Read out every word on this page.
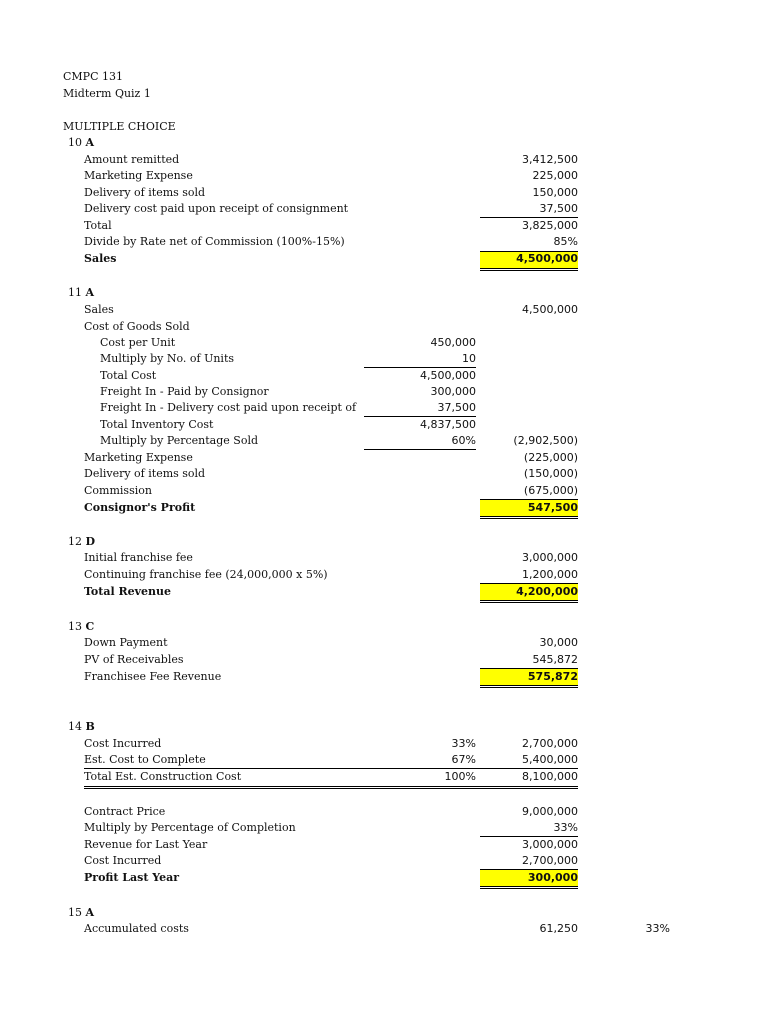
CMPC 131
Midterm Quiz 1
MULTIPLE CHOICE
10 A
Amount remitted	3,412,500
Marketing Expense	225,000
Delivery of items sold	150,000
Delivery cost paid upon receipt of consignment	37,500
Total	3,825,000
Divide by Rate net of Commission (100%-15%)	85%
Sales	4,500,000
11 A
Sales	4,500,000
Cost of Goods Sold
Cost per Unit	450,000
Multiply by No. of Units	10
Total Cost	4,500,000
Freight In - Paid by Consignor	300,000
Freight In - Delivery cost paid upon receipt of	37,500
Total Inventory Cost	4,837,500
Multiply by Percentage Sold	60%	(2,902,500)
Marketing Expense	(225,000)
Delivery of items sold	(150,000)
Commission	(675,000)
Consignor's Profit	547,500
12 D
Initial franchise fee	3,000,000
Continuing franchise fee (24,000,000 x 5%)	1,200,000
Total Revenue	4,200,000
13 C
Down Payment	30,000
PV of Receivables	545,872
Franchisee Fee Revenue	575,872
14 B
Cost Incurred	33%	2,700,000
Est. Cost to Complete	67%	5,400,000
Total Est. Construction Cost	100%	8,100,000
Contract Price	9,000,000
Multiply by Percentage of Completion	33%
Revenue for Last Year	3,000,000
Cost Incurred	2,700,000
Profit Last Year	300,000
15 A
Accumulated costs	61,250	33%
